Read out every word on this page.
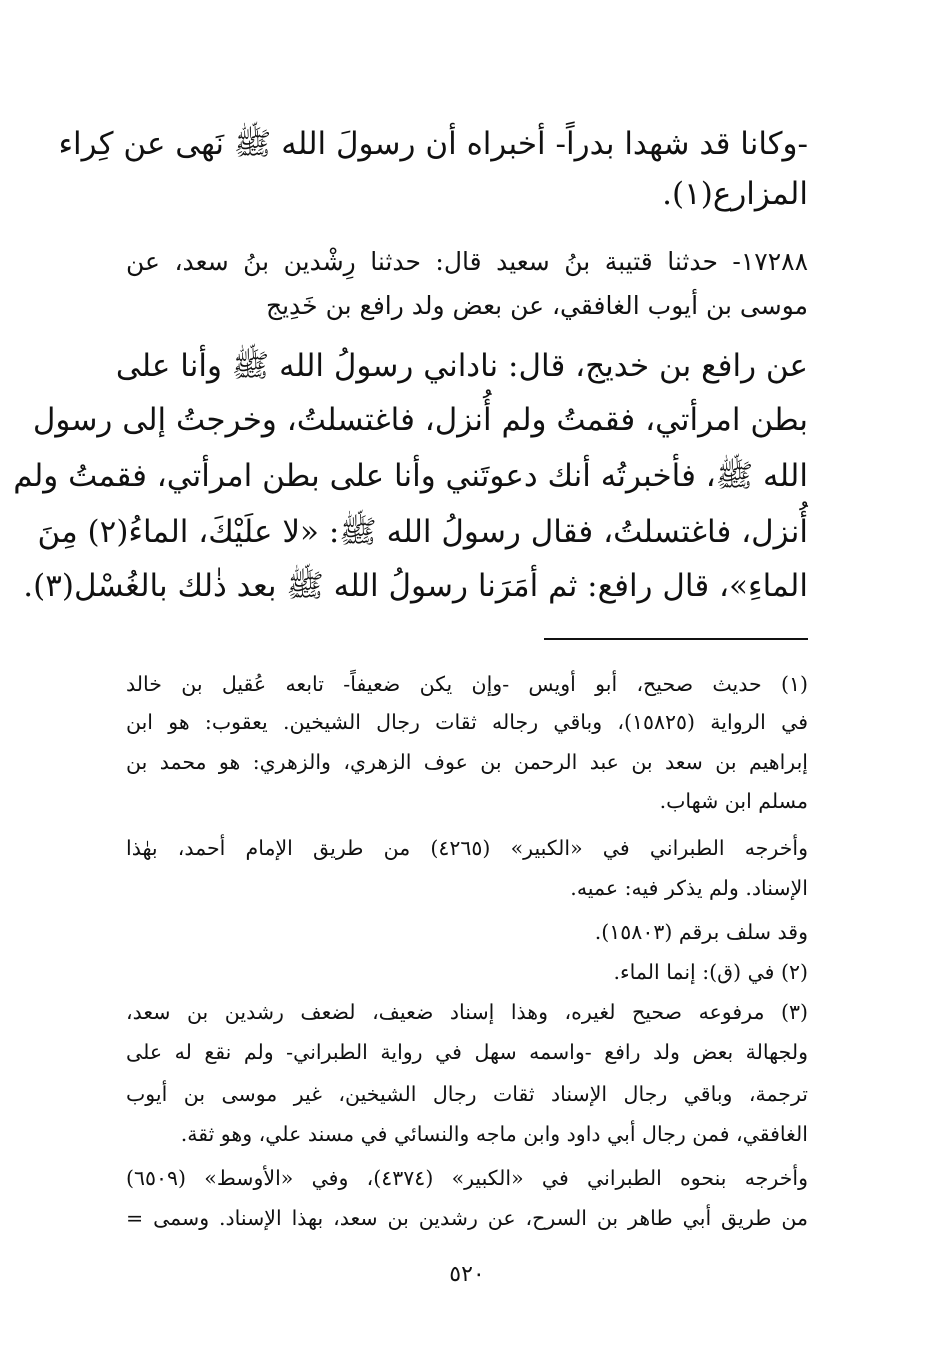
-وكانا قد شهدا بدراً- أخبراه أن رسولَ الله ﷺ نَهى عن كِراء
المزارع(١).
١٧٢٨٨- حدثنا قتيبة بنُ سعيد قال: حدثنا رِشْدين بنُ سعد، عن
موسى بن أيوب الغافقي، عن بعض ولد رافع بن خَدِيج
عن رافع بن خديج، قال: ناداني رسولُ الله ﷺ وأنا على
بطن امرأتي، فقمتُ ولم أُنزل، فاغتسلتُ، وخرجتُ إلى رسول
الله ﷺ، فأخبرتُه أنك دعوتَني وأنا على بطن امرأتي، فقمتُ ولم
أُنزل، فاغتسلتُ، فقال رسولُ الله ﷺ: «لا علَيْكَ، الماءُ(٢) مِنَ
الماءِ»، قال رافع: ثم أمَرَنا رسولُ الله ﷺ بعد ذٰلك بالغُسْل(٣).
(١) حديث صحيح، أبو أويس -وإن يكن ضعيفاً- تابعه عُقيل بن خالد
في الرواية (١٥٨٢٥)، وباقي رجاله ثقات رجال الشيخين. يعقوب: هو ابن
إبراهيم بن سعد بن عبد الرحمن بن عوف الزهري، والزهري: هو محمد بن
مسلم ابن شهاب.
وأخرجه الطبراني في «الكبير» (٤٢٦٥) من طريق الإمام أحمد، بهٰذا
الإسناد. ولم يذكر فيه: عميه.
وقد سلف برقم (١٥٨٠٣).
(٢) في (ق): إنما الماء.
(٣) مرفوعه صحيح لغيره، وهذا إسناد ضعيف، لضعف رشدين بن سعد،
ولجهالة بعض ولد رافع -واسمه سهل في رواية الطبراني- ولم نقع له على
ترجمة، وباقي رجال الإسناد ثقات رجال الشيخين، غير موسى بن أيوب
الغافقي، فمن رجال أبي داود وابن ماجه والنسائي في مسند علي، وهو ثقة.
وأخرجه بنحوه الطبراني في «الكبير» (٤٣٧٤)، وفي «الأوسط» (٦٥٠٩)
من طريق أبي طاهر بن السرح، عن رشدين بن سعد، بهذا الإسناد. وسمى =
٥٢٠
